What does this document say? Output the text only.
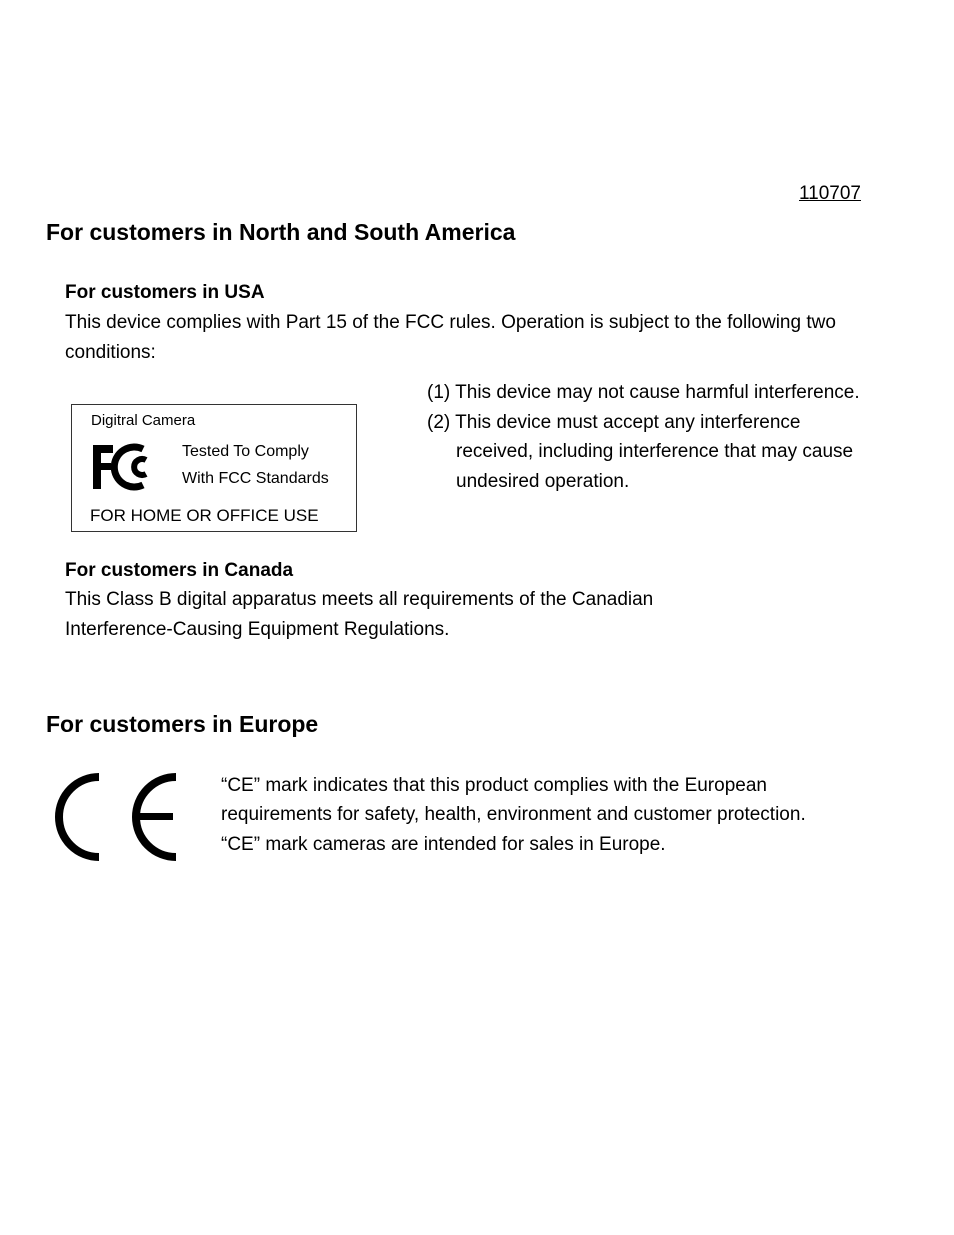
110707
For customers in North and South America
For customers in USA
This device complies with Part 15 of the FCC rules. Operation is subject to the following two
conditions:
(1) This device may not cause harmful interference.
(2) This device must accept any interference
received, including interference that may cause
undesired operation.
Digitral Camera
Tested To Comply
With FCC Standards
FOR HOME OR OFFICE USE
For customers in Canada
This Class B digital apparatus meets all requirements of the Canadian
Interference-Causing Equipment Regulations.
For customers in Europe
“CE” mark indicates that this product complies with the European
requirements for safety, health, environment and customer protection.
“CE” mark cameras are intended for sales in Europe.
